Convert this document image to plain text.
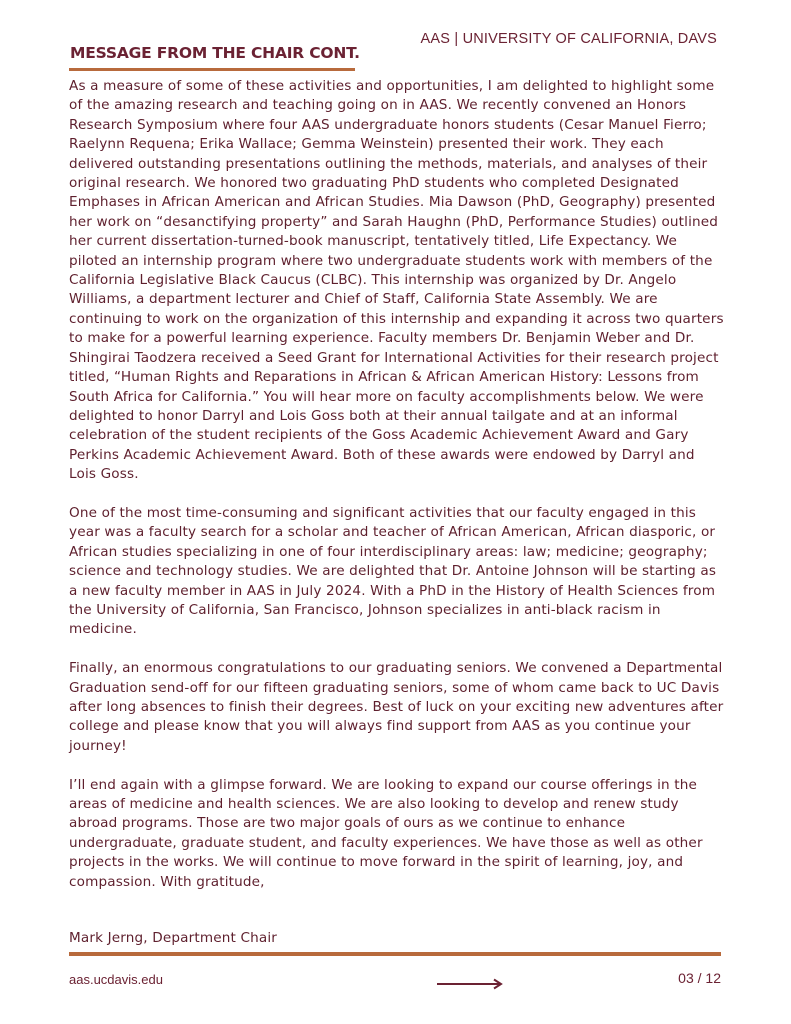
AAS | UNIVERSITY OF CALIFORNIA, DAVS
MESSAGE FROM THE CHAIR CONT.

As a measure of some of these activities and opportunities, I am delighted to highlight some of the amazing research and teaching going on in AAS. We recently convened an Honors Research Symposium where four AAS undergraduate honors students (Cesar Manuel Fierro; Raelynn Requena; Erika Wallace; Gemma Weinstein) presented their work. They each delivered outstanding presentations outlining the methods, materials, and analyses of their original research. We honored two graduating PhD students who completed Designated Emphases in African American and African Studies. Mia Dawson (PhD, Geography) presented her work on “desanctifying property” and Sarah Haughn (PhD, Performance Studies) outlined her current dissertation-turned-book manuscript, tentatively titled, Life Expectancy. We piloted an internship program where two undergraduate students work with members of the California Legislative Black Caucus (CLBC). This internship was organized by Dr. Angelo Williams, a department lecturer and Chief of Staff, California State Assembly. We are continuing to work on the organization of this internship and expanding it across two quarters to make for a powerful learning experience. Faculty members Dr. Benjamin Weber and Dr. Shingirai Taodzera received a Seed Grant for International Activities for their research project titled, “Human Rights and Reparations in African & African American History: Lessons from South Africa for California.” You will hear more on faculty accomplishments below. We were delighted to honor Darryl and Lois Goss both at their annual tailgate and at an informal celebration of the student recipients of the Goss Academic Achievement Award and Gary Perkins Academic Achievement Award. Both of these awards were endowed by Darryl and Lois Goss.

One of the most time-consuming and significant activities that our faculty engaged in this year was a faculty search for a scholar and teacher of African American, African diasporic, or African studies specializing in one of four interdisciplinary areas: law; medicine; geography; science and technology studies. We are delighted that Dr. Antoine Johnson will be starting as a new faculty member in AAS in July 2024. With a PhD in the History of Health Sciences from the University of California, San Francisco, Johnson specializes in anti-black racism in medicine.

Finally, an enormous congratulations to our graduating seniors. We convened a Departmental Graduation send-off for our fifteen graduating seniors, some of whom came back to UC Davis after long absences to finish their degrees. Best of luck on your exciting new adventures after college and please know that you will always find support from AAS as you continue your journey!

I’ll end again with a glimpse forward. We are looking to expand our course offerings in the areas of medicine and health sciences. We are also looking to develop and renew study abroad programs. Those are two major goals of ours as we continue to enhance undergraduate, graduate student, and faculty experiences. We have those as well as other projects in the works. We will continue to move forward in the spirit of learning, joy, and compassion. With gratitude,

Mark Jerng, Department Chair
aas.ucdavis.edu	03 / 12
